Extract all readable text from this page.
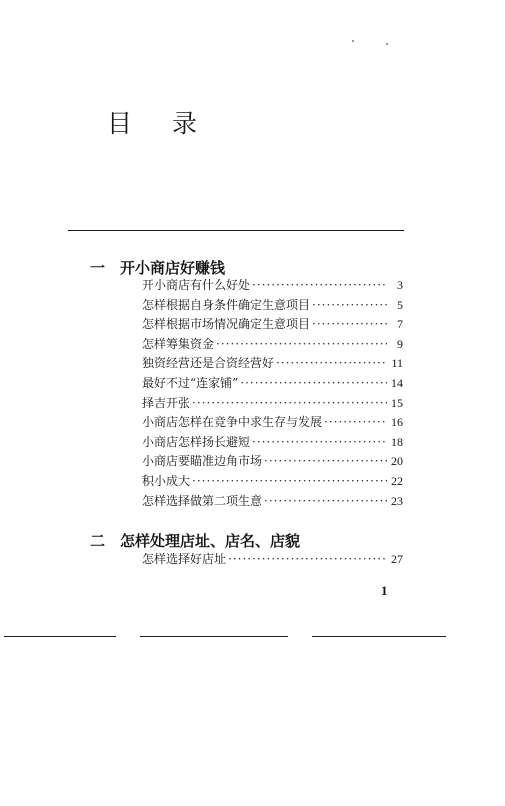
目 录
一 开小商店好赚钱
开小商店有什么好处 ·····	3
怎样根据自身条件确定生意项目 ·····	5
怎样根据市场情况确定生意项目 ·····	7
怎样筹集资金 ·····	9
独资经营还是合资经营好 ·····	11
最好不过“连家铺” ·····	14
择吉开张 ·····	15
小商店怎样在竞争中求生存与发展 ·····	16
小商店怎样扬长避短 ·····	18
小商店要瞄准边角市场 ·····	20
积小成大 ·····	22
怎样选择做第二项生意 ·····	23
二 怎样处理店址、店名、店貌
怎样选择好店址 ·····	27
1
